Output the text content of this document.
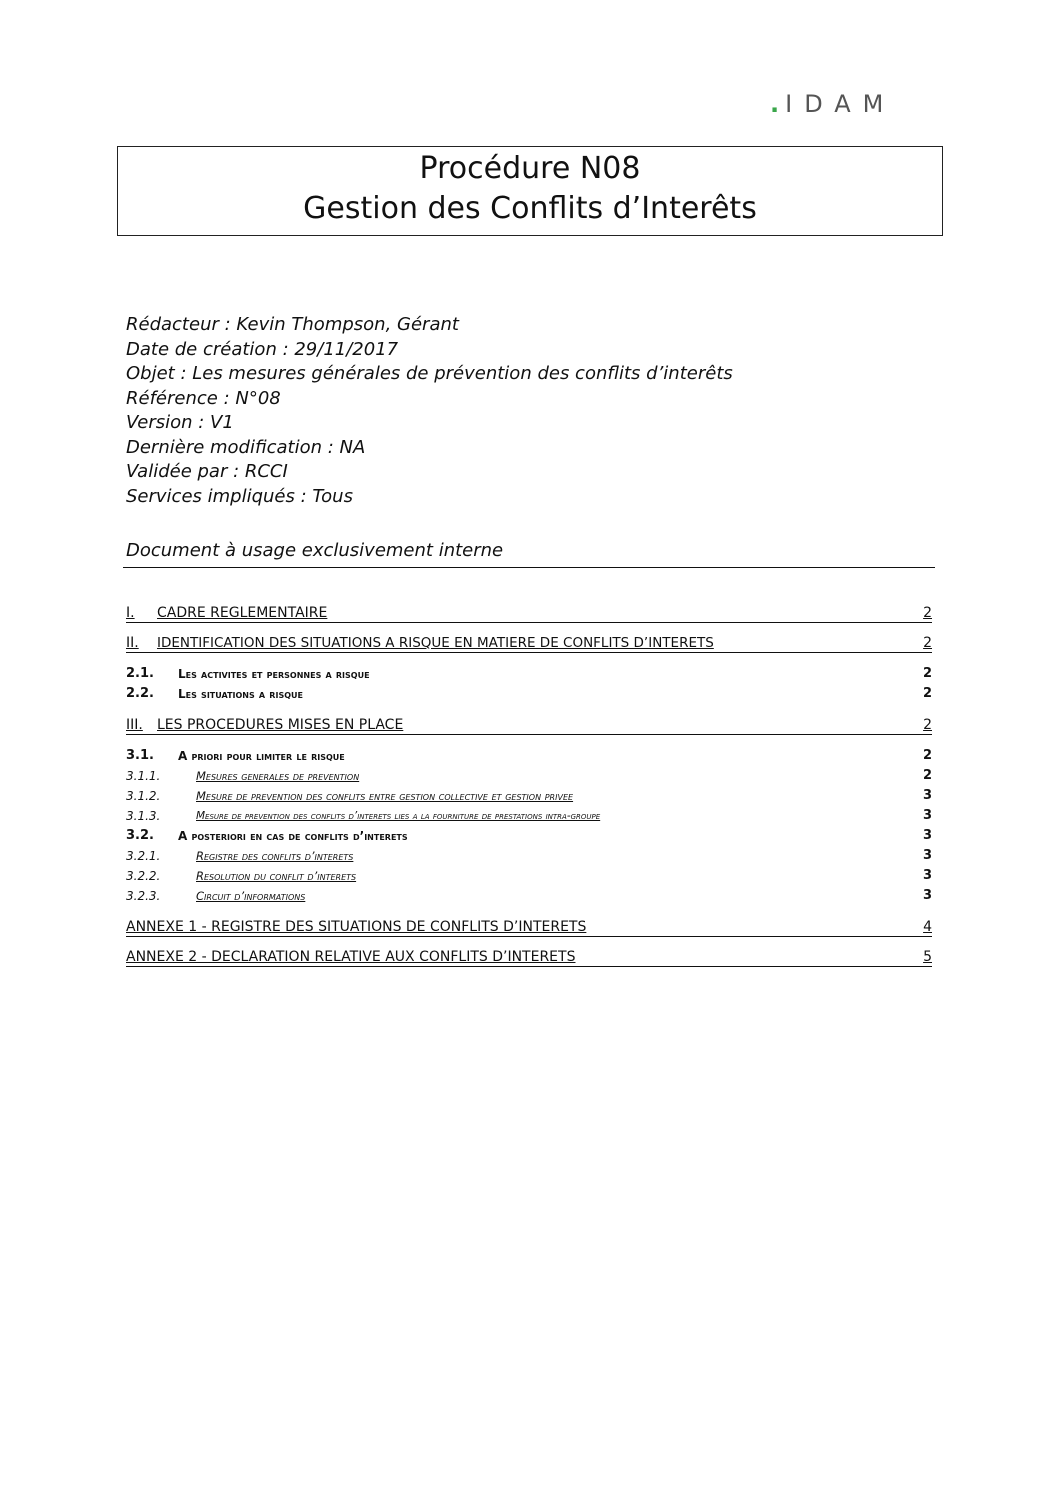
.IDAM
Procédure N08
Gestion des Conflits d’Interêts
Rédacteur : Kevin Thompson, Gérant
Date de création : 29/11/2017
Objet : Les mesures générales de prévention des conflits d’interêts
Référence : N°08
Version : V1
Dernière modification : NA
Validée par : RCCI
Services impliqués : Tous
Document à usage exclusivement interne
I. CADRE REGLEMENTAIRE	2
II. IDENTIFICATION DES SITUATIONS A RISQUE EN MATIERE DE CONFLITS D’INTERETS	2
2.1. Les activites et personnes a risque	2
2.2. Les situations a risque	2
III. LES PROCEDURES MISES EN PLACE	2
3.1. A priori pour limiter le risque	2
3.1.1.	Mesures generales de prevention	2
3.1.2.	Mesure de prevention des conflits entre gestion collective et gestion privee	3
3.1.3.	Mesure de prevention des conflits d’interets lies a la fourniture de prestations intra-groupe	3
3.2. A posteriori en cas de conflits d’interets	3
3.2.1.	Registre des conflits d’interets	3
3.2.2.	Resolution du conflit d’interets	3
3.2.3.	Circuit d’informations	3
ANNEXE 1 - REGISTRE DES SITUATIONS DE CONFLITS D’INTERETS	4
ANNEXE 2 - DECLARATION RELATIVE AUX CONFLITS D’INTERETS	5
